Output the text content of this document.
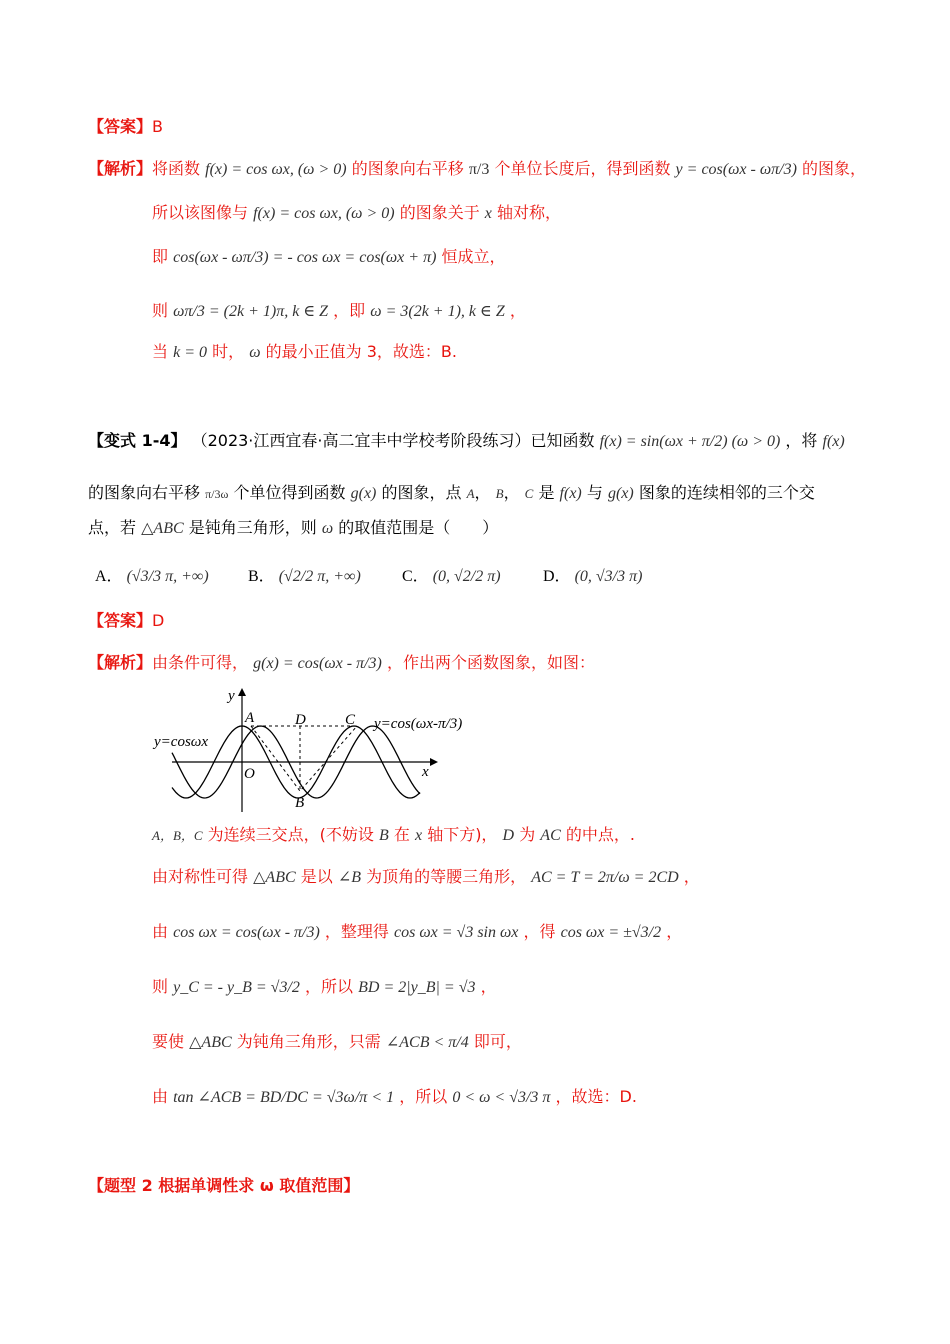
【答案】B
【解析】将函数 f(x) = cos ωx, (ω > 0) 的图象向右平移 π/3 个单位长度后，得到函数 y = cos(ωx - ωπ/3) 的图象，
所以该图像与 f(x) = cos ωx, (ω > 0) 的图象关于 x 轴对称，
即 cos(ωx - ωπ/3) = - cos ωx = cos(ωx + π) 恒成立，
则 ωπ/3 = (2k + 1)π, k ∈ Z ，即 ω = 3(2k + 1), k ∈ Z ，
当 k = 0 时， ω 的最小正值为 3，故选：B.
【变式 1-4】 （2023·江西宜春·高二宜丰中学校考阶段练习）已知函数 f(x) = sin(ωx + π/2) (ω > 0) ，将 f(x)
的图象向右平移 π/3ω 个单位得到函数 g(x) 的图象，点 A， B， C 是 f(x) 与 g(x) 图象的连续相邻的三个交
点，若 △ABC 是钝角三角形，则 ω 的取值范围是（　　）
A． (√3/3 π, +∞) B． (√2/2 π, +∞)	C． (0, √2/2 π)	D． (0, √3/3 π)
【答案】D
【解析】由条件可得， g(x) = cos(ωx - π/3) ，作出两个函数图象，如图：
y
x
O
A
B
C
D
y=cosωx
y=cos(ωx-π/3)
A，B，C 为连续三交点，(不妨设 B 在 x 轴下方)， D 为 AC 的中点，.
由对称性可得 △ABC 是以 ∠B 为顶角的等腰三角形， AC = T = 2π/ω = 2CD ，
由 cos ωx = cos(ωx - π/3) ，整理得 cos ωx = √3 sin ωx ，得 cos ωx = ±√3/2 ，
则 y_C = - y_B = √3/2 ，所以 BD = 2|y_B| = √3 ，
要使 △ABC 为钝角三角形，只需 ∠ACB < π/4 即可，
由 tan ∠ACB = BD/DC = √3ω/π < 1 ，所以 0 < ω < √3/3 π ，故选：D.
【题型 2 根据单调性求 ω 取值范围】
